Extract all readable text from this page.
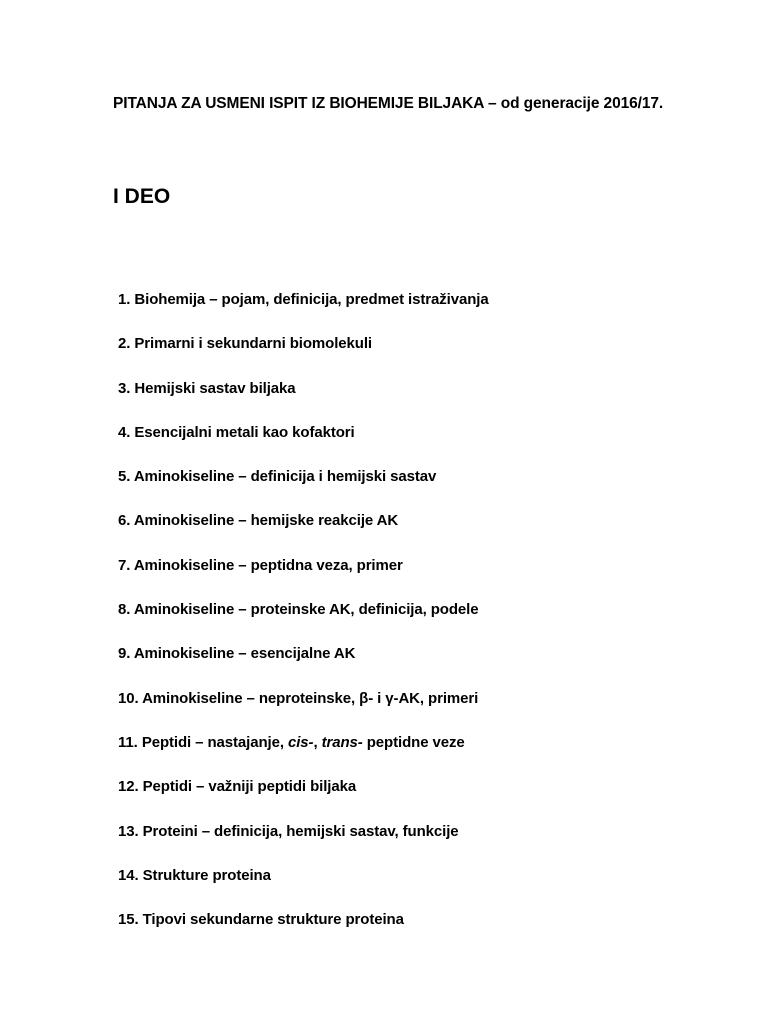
PITANJA ZA USMENI ISPIT IZ BIOHEMIJE BILJAKA – od generacije 2016/17.
I DEO
1. Biohemija – pojam, definicija, predmet istraživanja
2. Primarni i sekundarni biomolekuli
3. Hemijski sastav biljaka
4. Esencijalni metali kao kofaktori
5. Aminokiseline – definicija i hemijski sastav
6. Aminokiseline – hemijske reakcije AK
7. Aminokiseline – peptidna veza, primer
8. Aminokiseline – proteinske AK, definicija, podele
9. Aminokiseline – esencijalne AK
10. Aminokiseline – neproteinske, β- i γ-AK, primeri
11. Peptidi – nastajanje, cis-, trans- peptidne veze
12. Peptidi – važniji peptidi biljaka
13. Proteini – definicija, hemijski sastav, funkcije
14. Strukture proteina
15. Tipovi sekundarne strukture proteina
